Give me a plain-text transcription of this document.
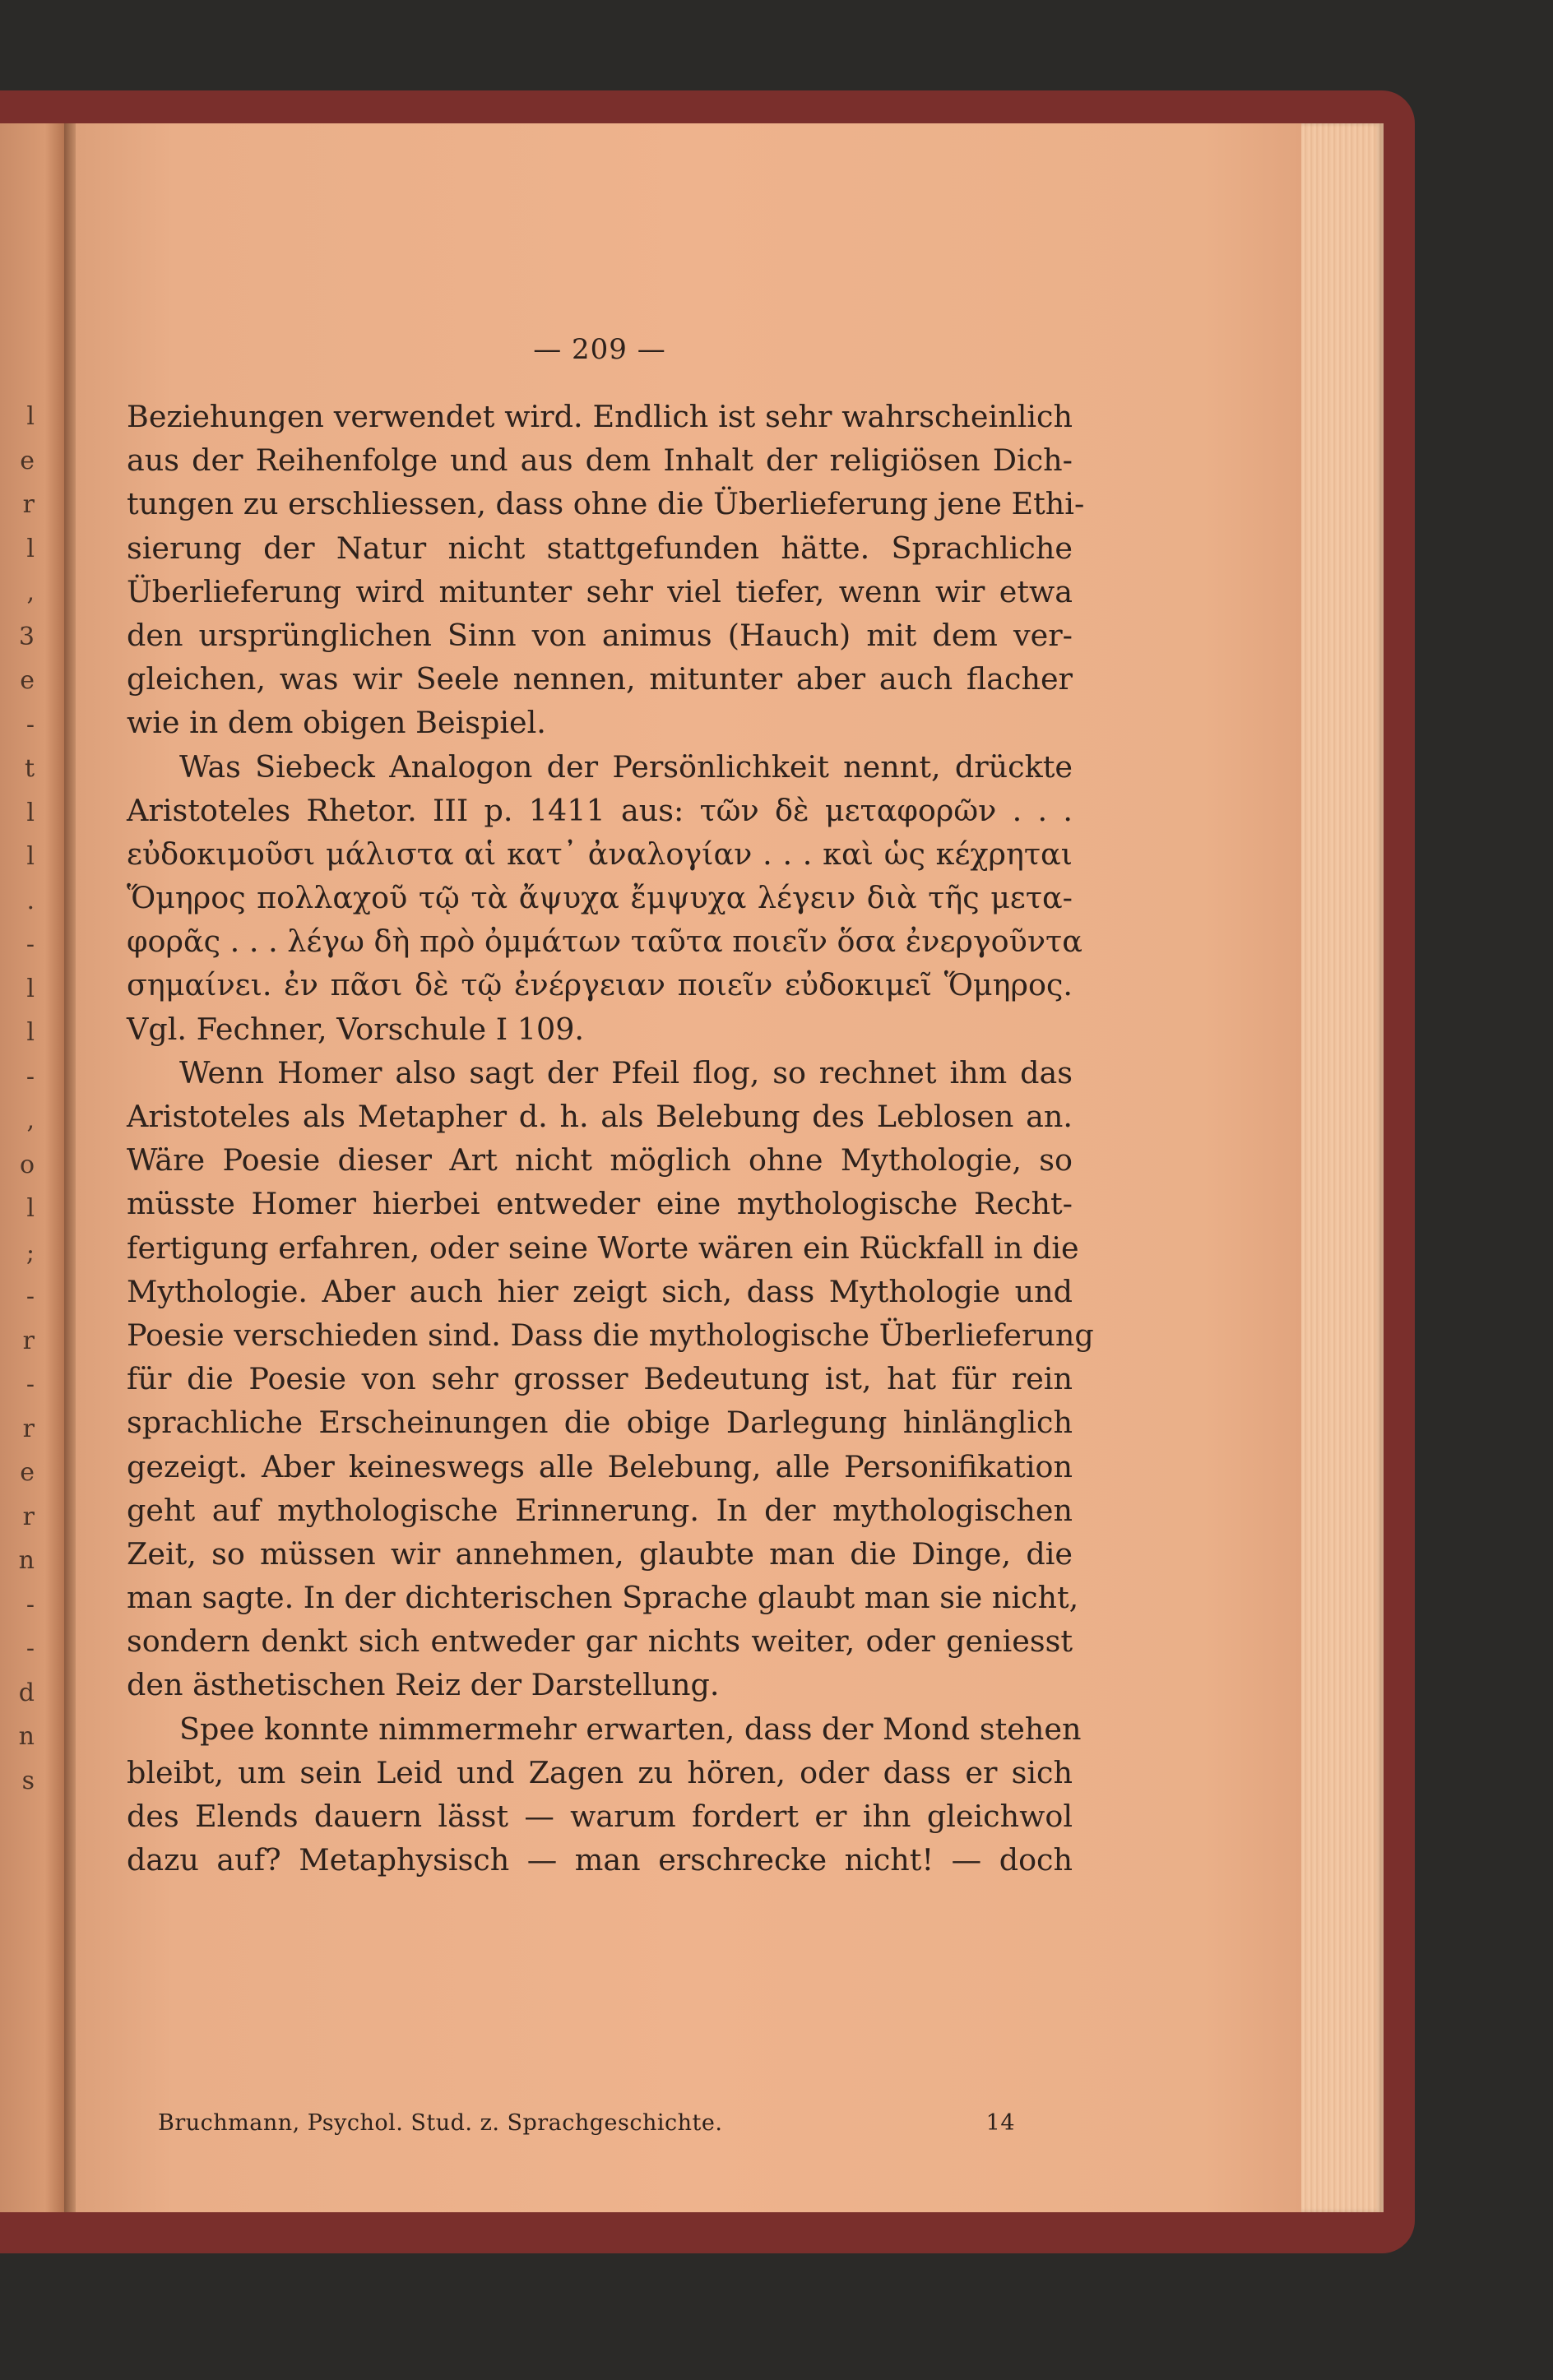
l
e
r
l
,
3
e
-
t
l
l
.
-
l
l
-
,
o
l
;
-
r
-
r
e
r
n
-
-
d
n
s
— 209 —
Beziehungen verwendet wird. Endlich ist sehr wahrscheinlich
aus der Reihenfolge und aus dem Inhalt der religiösen Dich-
tungen zu erschliessen, dass ohne die Überlieferung jene Ethi-
sierung der Natur nicht stattgefunden hätte. Sprachliche
Überlieferung wird mitunter sehr viel tiefer, wenn wir etwa
den ursprünglichen Sinn von animus (Hauch) mit dem ver-
gleichen, was wir Seele nennen, mitunter aber auch flacher
wie in dem obigen Beispiel.
Was Siebeck Analogon der Persönlichkeit nennt, drückte
Aristoteles Rhetor. III p. 1411 aus: τῶν δὲ μεταφορῶν . . .
εὐδοκιμοῦσι μάλιστα αἱ κατ᾽ ἀναλογίαν . . . καὶ ὡς κέχρηται
Ὅμηρος πολλαχοῦ τῷ τὰ ἄψυχα ἔμψυχα λέγειν διὰ τῆς μετα-
φορᾶς . . . λέγω δὴ πρὸ ὀμμάτων ταῦτα ποιεῖν ὅσα ἐνεργοῦντα
σημαίνει. ἐν πᾶσι δὲ τῷ ἐνέργειαν ποιεῖν εὐδοκιμεῖ Ὅμηρος.
Vgl. Fechner, Vorschule I 109.
Wenn Homer also sagt der Pfeil flog, so rechnet ihm das
Aristoteles als Metapher d. h. als Belebung des Leblosen an.
Wäre Poesie dieser Art nicht möglich ohne Mythologie, so
müsste Homer hierbei entweder eine mythologische Recht-
fertigung erfahren, oder seine Worte wären ein Rückfall in die
Mythologie. Aber auch hier zeigt sich, dass Mythologie und
Poesie verschieden sind. Dass die mythologische Überlieferung
für die Poesie von sehr grosser Bedeutung ist, hat für rein
sprachliche Erscheinungen die obige Darlegung hinlänglich
gezeigt. Aber keineswegs alle Belebung, alle Personifikation
geht auf mythologische Erinnerung. In der mythologischen
Zeit, so müssen wir annehmen, glaubte man die Dinge, die
man sagte. In der dichterischen Sprache glaubt man sie nicht,
sondern denkt sich entweder gar nichts weiter, oder geniesst
den ästhetischen Reiz der Darstellung.
Spee konnte nimmermehr erwarten, dass der Mond stehen
bleibt, um sein Leid und Zagen zu hören, oder dass er sich
des Elends dauern lässt — warum fordert er ihn gleichwol
dazu auf? Metaphysisch — man erschrecke nicht! — doch
Bruchmann, Psychol. Stud. z. Sprachgeschichte.	14
